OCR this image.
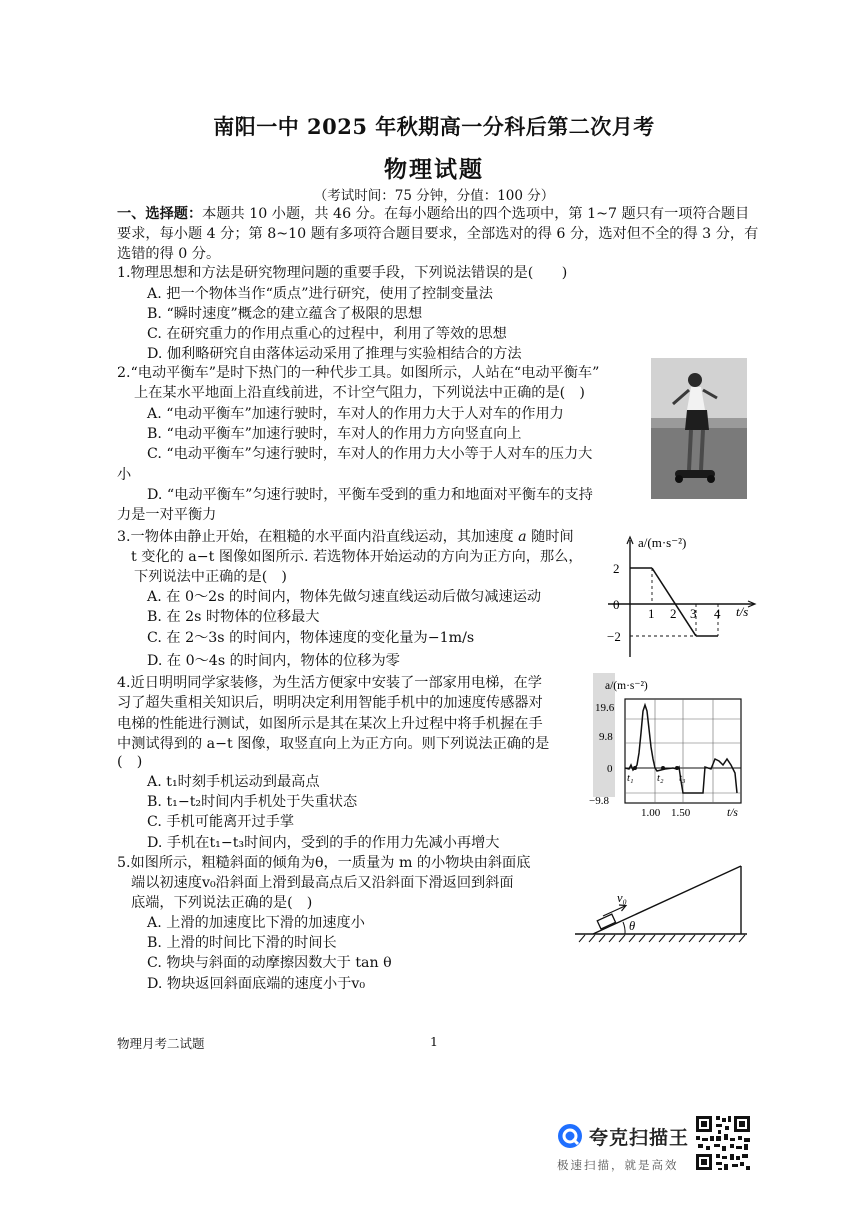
南阳一中 2025 年秋期高一分科后第二次月考
物理试题
（考试时间：75 分钟，分值：100 分）
一、选择题：本题共 10 小题，共 46 分。在每小题给出的四个选项中，第 1~7 题只有一项符合题目要求，每小题 4 分；第 8~10 题有多项符合题目要求，全部选对的得 6 分，选对但不全的得 3 分，有选错的得 0 分。
1.物理思想和方法是研究物理问题的重要手段，下列说法错误的是(　　)
A. 把一个物体当作“质点”进行研究，使用了控制变量法
B. “瞬时速度”概念的建立蕴含了极限的思想
C. 在研究重力的作用点重心的过程中，利用了等效的思想
D. 伽利略研究自由落体运动采用了推理与实验相结合的方法
2.“电动平衡车”是时下热门的一种代步工具。如图所示，人站在“电动平衡车”
上在某水平地面上沿直线前进，不计空气阻力，下列说法中正确的是(　)
A. “电动平衡车”加速行驶时，车对人的作用力大于人对车的作用力
B. “电动平衡车”加速行驶时，车对人的作用力方向竖直向上
C. “电动平衡车”匀速行驶时，车对人的作用力大小等于人对车的压力大
小
D. “电动平衡车”匀速行驶时，平衡车受到的重力和地面对平衡车的支持
力是一对平衡力
3.一物体由静止开始，在粗糙的水平面内沿直线运动，其加速度 a 随时间
t 变化的 a−t 图像如图所示. 若选物体开始运动的方向为正方向，那么，
下列说法中正确的是(　)
A. 在 0～2s 的时间内，物体先做匀速直线运动后做匀减速运动
B. 在 2s 时物体的位移最大
C. 在 2～3s 的时间内，物体速度的变化量为−1m/s
D. 在 0～4s 的时间内，物体的位移为零
a/(m·s⁻²)
t/s
2
0
−2
1 2 3 4
4.近日明明同学家装修，为生活方便家中安装了一部家用电梯，在学
习了超失重相关知识后，明明决定利用智能手机中的加速度传感器对
电梯的性能进行测试，如图所示是其在某次上升过程中将手机握在手
中测试得到的 a−t 图像，取竖直向上为正方向。则下列说法正确的是
(　)
A. t₁时刻手机运动到最高点
B. t₁−t₂时间内手机处于失重状态
C. 手机可能离开过手掌
D. 手机在t₁−t₃时间内，受到的手的作用力先减小再增大
a/(m·s⁻²)
t/s
19.6
9.8
0
−9.8
t₁ t₂ t₃
1.00 1.50
5.如图所示，粗糙斜面的倾角为θ，一质量为 m 的小物块由斜面底
端以初速度v₀沿斜面上滑到最高点后又沿斜面下滑返回到斜面
底端，下列说法正确的是(　)
A. 上滑的加速度比下滑的加速度小
B. 上滑的时间比下滑的时间长
C. 物块与斜面的动摩擦因数大于 tan θ
D. 物块返回斜面底端的速度小于v₀
v₀
θ
物理月考二试题	1
夸克扫描王
极速扫描，就是高效
